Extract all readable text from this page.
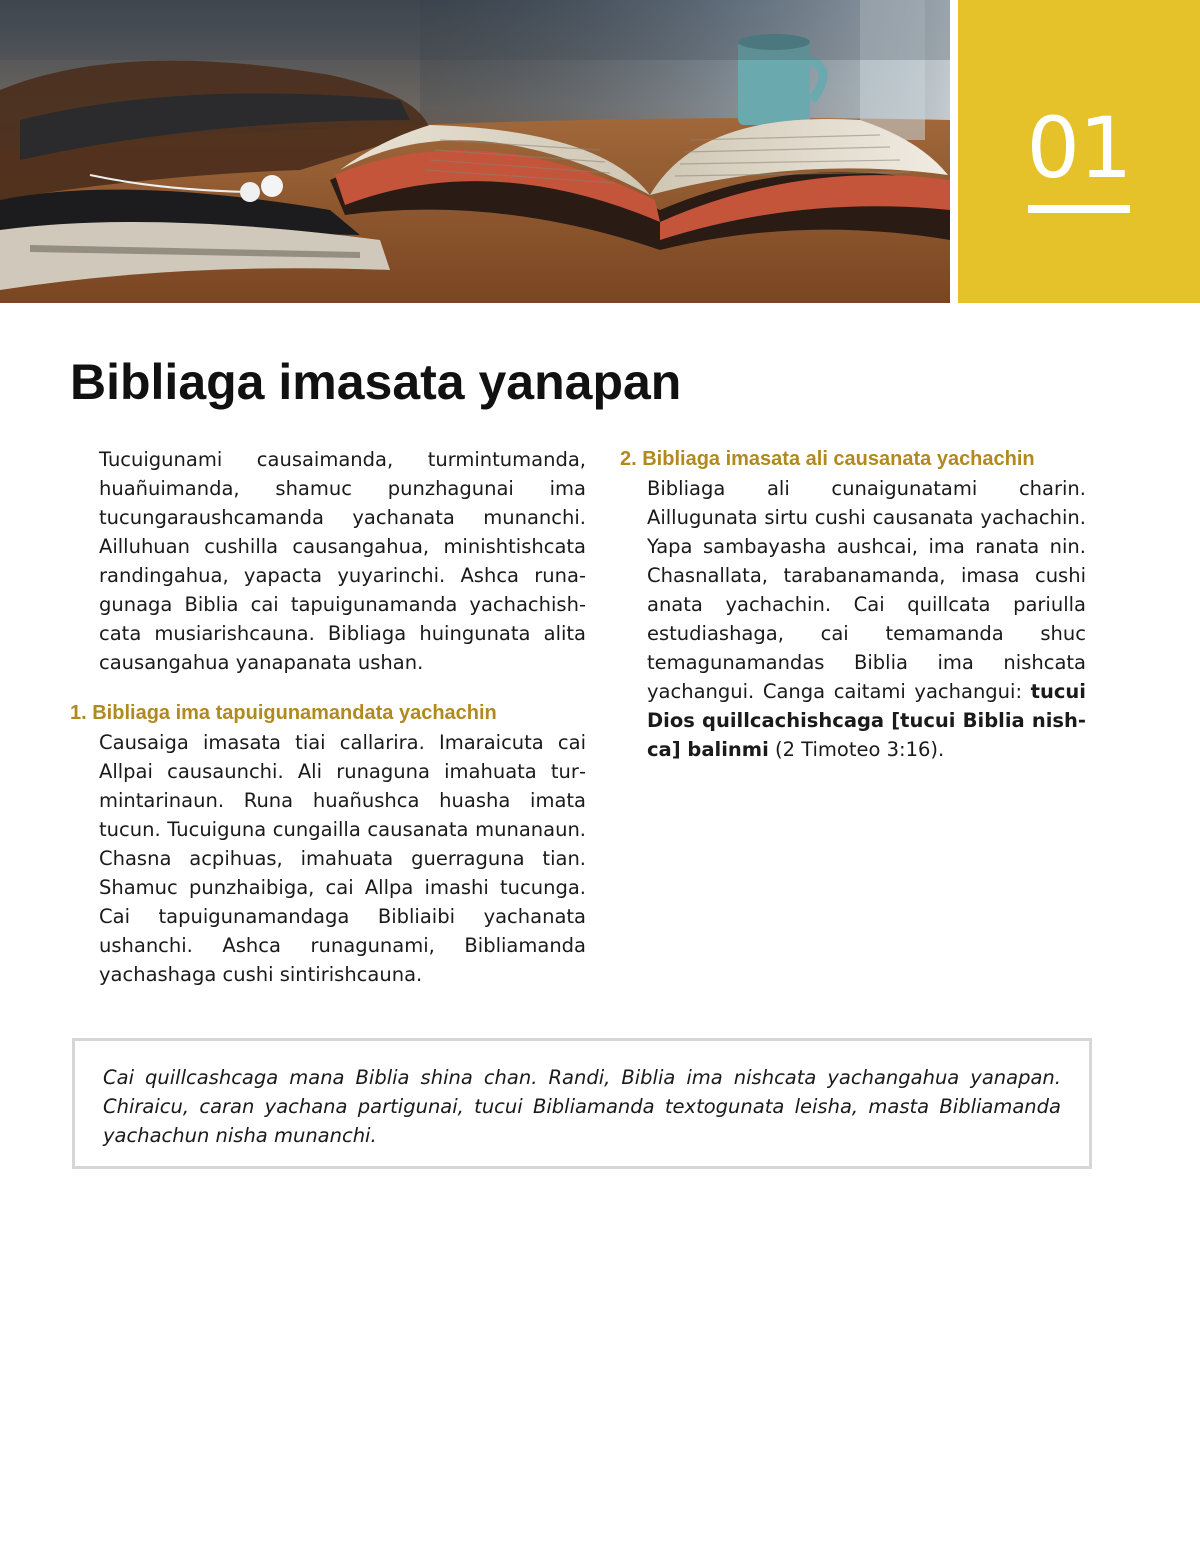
01
Bibliaga imasata yanapan

Tucuigunami causaimanda, turmintumanda, huañuimanda, shamuc punzhagunai ima tucungaraushcamanda yachanata munanchi. Ailluhuan cushilla causangahua, minishtishcata randingahua, yapacta yuyarinchi. Ashca runagunaga Biblia cai tapuigunamanda yachachishcata musiarishcauna. Bibliaga huingunata alita causangahua yanapanata ushan.

1. Bibliaga ima tapuigunamandata yachachin

Causaiga imasata tiai callarira. Imaraicuta cai Allpai causaunchi. Ali runaguna imahuata turmintarinaun. Runa huañushca huasha imata tucun. Tucuiguna cungailla causanata munanaun. Chasna acpihuas, imahuata guerraguna tian. Shamuc punzhaibiga, cai Allpa imashi tucunga. Cai tapuigunamandaga Bibliaibi yachanata ushanchi. Ashca runagunami, Bibliamanda yachashaga cushi sintirishcauna.

2. Bibliaga imasata ali causanata yachachin

Bibliaga ali cunaigunatami charin. Aillugunata sirtu cushi causanata yachachin. Yapa sambayasha aushcai, ima ranata nin. Chasnallata, tarabanamanda, imasa cushi anata yachachin. Cai quillcata pariulla estudiashaga, cai temamanda shuc temagunamandas Biblia ima nishcata yachangui. Canga caitami yachangui: tucui Dios quillcachishcaga [tucui Biblia nishca] balinmi (2 Timoteo 3:16).

Cai quillcashcaga mana Biblia shina chan. Randi, Biblia ima nishcata yachangahua yanapan. Chiraicu, caran yachana partigunai, tucui Bibliamanda textogunata leisha, masta Bibliamanda yachachun nisha munanchi.
